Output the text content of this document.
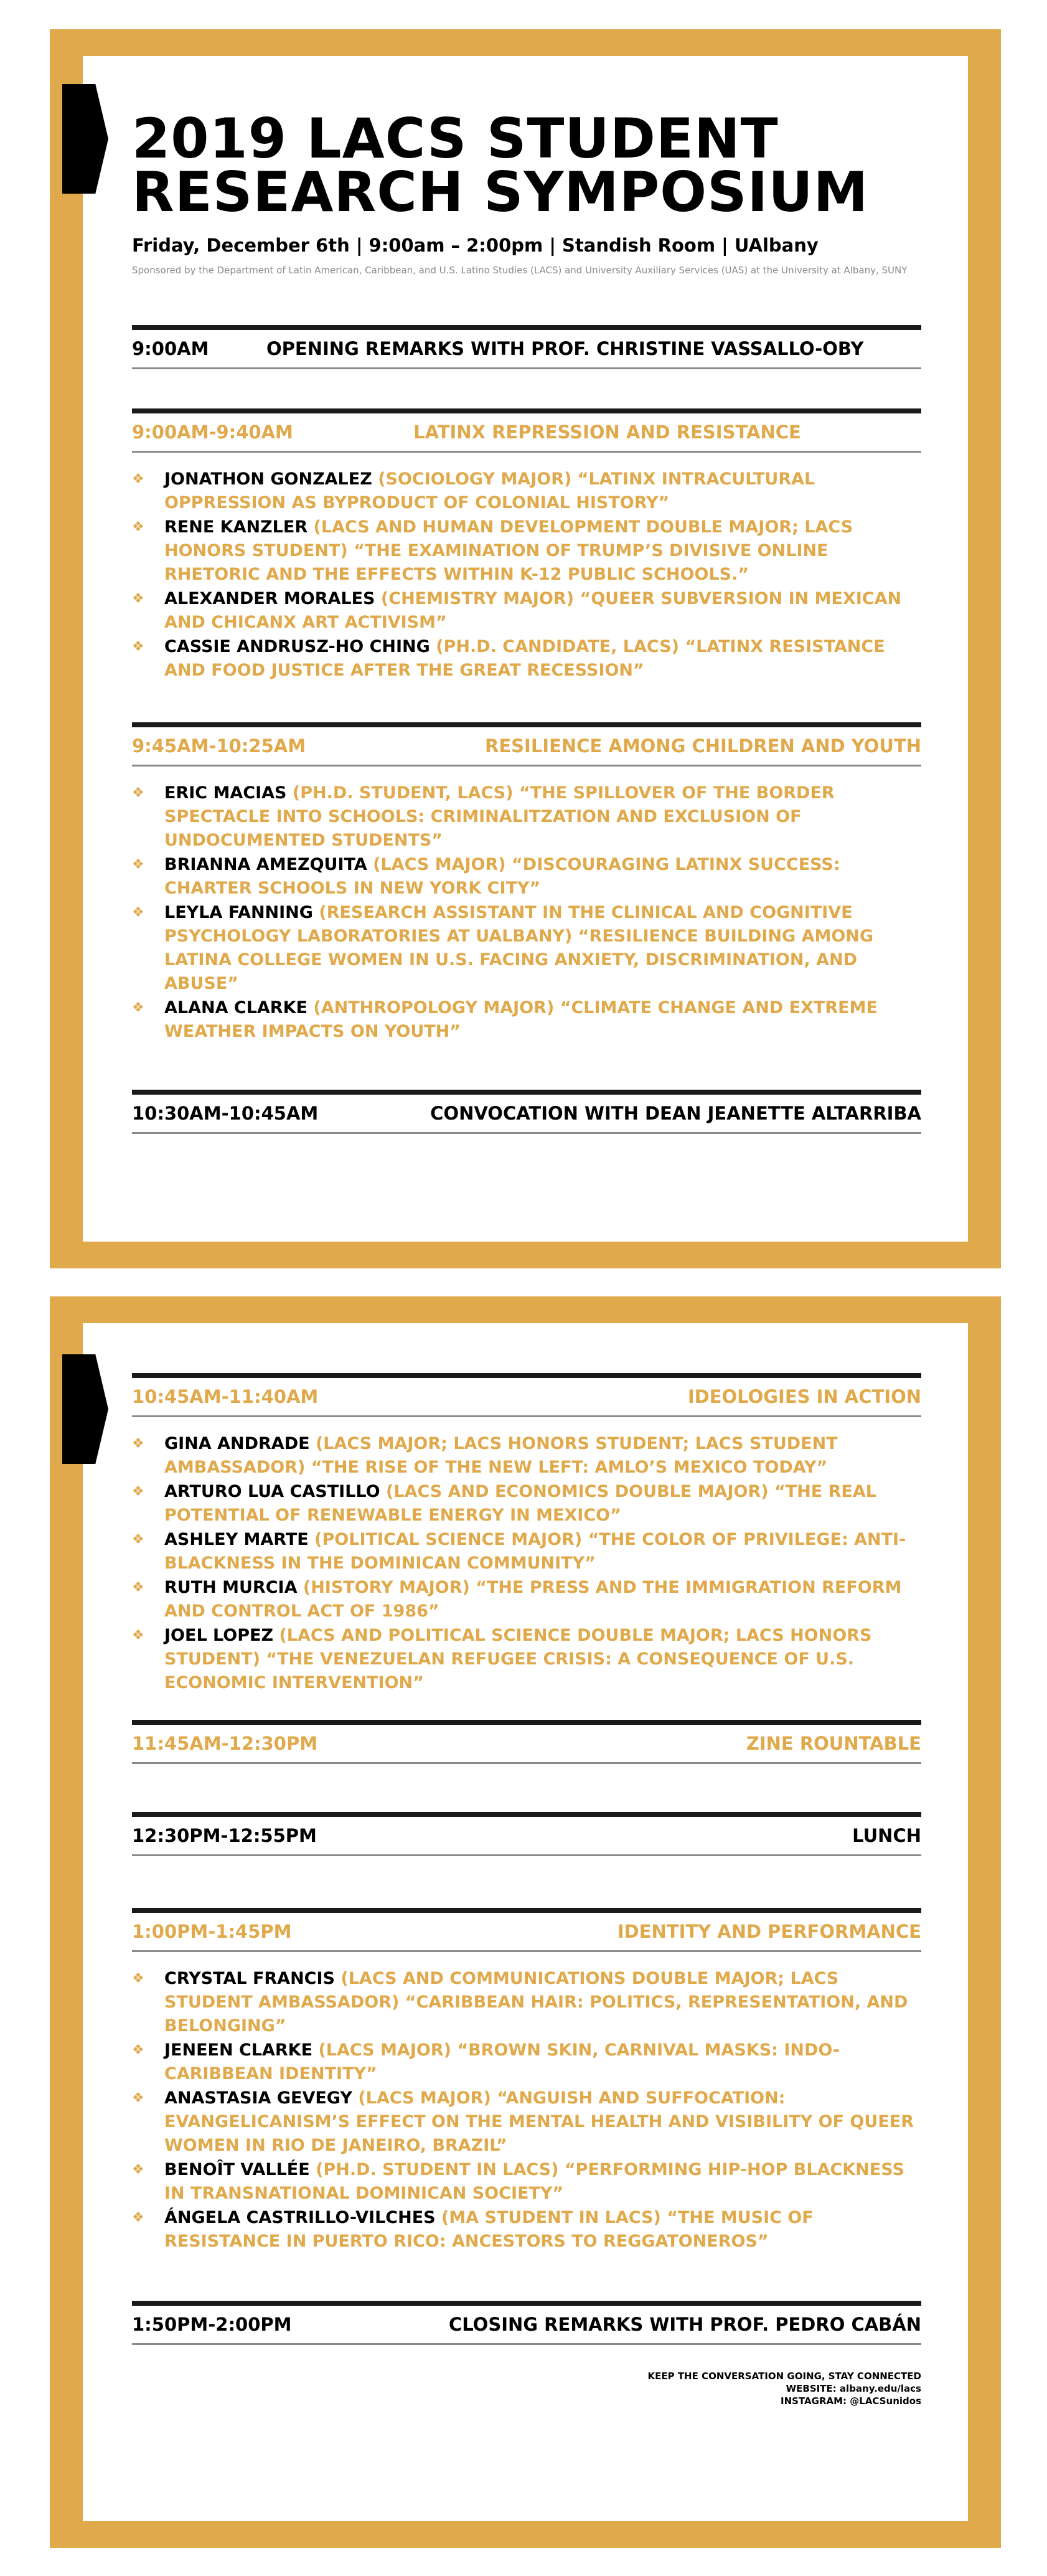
2019 LACS STUDENT
RESEARCH SYMPOSIUM
Friday, December 6th | 9:00am – 2:00pm | Standish Room | UAlbany
Sponsored by the Department of Latin American, Caribbean, and U.S. Latino Studies (LACS) and University Auxiliary Services (UAS) at the University at Albany, SUNY
9:00AM	OPENING REMARKS WITH PROF. CHRISTINE VASSALLO-OBY
9:00AM-9:40AM	LATINX REPRESSION AND RESISTANCE
❖ JONATHON GONZALEZ (SOCIOLOGY MAJOR) “LATINX INTRACULTURAL OPPRESSION AS BYPRODUCT OF COLONIAL HISTORY”
❖ RENE KANZLER (LACS AND HUMAN DEVELOPMENT DOUBLE MAJOR; LACS HONORS STUDENT) “THE EXAMINATION OF TRUMP’S DIVISIVE ONLINE RHETORIC AND THE EFFECTS WITHIN K-12 PUBLIC SCHOOLS.”
❖ ALEXANDER MORALES (CHEMISTRY MAJOR) “QUEER SUBVERSION IN MEXICAN AND CHICANX ART ACTIVISM”
❖ CASSIE ANDRUSZ-HO CHING (PH.D. CANDIDATE, LACS) “LATINX RESISTANCE AND FOOD JUSTICE AFTER THE GREAT RECESSION”
9:45AM-10:25AM	RESILIENCE AMONG CHILDREN AND YOUTH
❖ ERIC MACIAS (PH.D. STUDENT, LACS) “THE SPILLOVER OF THE BORDER SPECTACLE INTO SCHOOLS: CRIMINALITZATION AND EXCLUSION OF UNDOCUMENTED STUDENTS”
❖ BRIANNA AMEZQUITA (LACS MAJOR) “DISCOURAGING LATINX SUCCESS: CHARTER SCHOOLS IN NEW YORK CITY”
❖ LEYLA FANNING (RESEARCH ASSISTANT IN THE CLINICAL AND COGNITIVE PSYCHOLOGY LABORATORIES AT UALBANY) “RESILIENCE BUILDING AMONG LATINA COLLEGE WOMEN IN U.S. FACING ANXIETY, DISCRIMINATION, AND ABUSE”
❖ ALANA CLARKE (ANTHROPOLOGY MAJOR) “CLIMATE CHANGE AND EXTREME WEATHER IMPACTS ON YOUTH”
10:30AM-10:45AM	CONVOCATION WITH DEAN JEANETTE ALTARRIBA
10:45AM-11:40AM	IDEOLOGIES IN ACTION
❖ GINA ANDRADE (LACS MAJOR; LACS HONORS STUDENT; LACS STUDENT AMBASSADOR) “THE RISE OF THE NEW LEFT: AMLO’S MEXICO TODAY”
❖ ARTURO LUA CASTILLO (LACS AND ECONOMICS DOUBLE MAJOR) “THE REAL POTENTIAL OF RENEWABLE ENERGY IN MEXICO”
❖ ASHLEY MARTE (POLITICAL SCIENCE MAJOR) “THE COLOR OF PRIVILEGE: ANTI-BLACKNESS IN THE DOMINICAN COMMUNITY”
❖ RUTH MURCIA (HISTORY MAJOR) “THE PRESS AND THE IMMIGRATION REFORM AND CONTROL ACT OF 1986”
❖ JOEL LOPEZ (LACS AND POLITICAL SCIENCE DOUBLE MAJOR; LACS HONORS STUDENT) “THE VENEZUELAN REFUGEE CRISIS: A CONSEQUENCE OF U.S. ECONOMIC INTERVENTION”
11:45AM-12:30PM	ZINE ROUNTABLE
12:30PM-12:55PM	LUNCH
1:00PM-1:45PM	IDENTITY AND PERFORMANCE
❖ CRYSTAL FRANCIS (LACS AND COMMUNICATIONS DOUBLE MAJOR; LACS STUDENT AMBASSADOR) “CARIBBEAN HAIR: POLITICS, REPRESENTATION, AND BELONGING”
❖ JENEEN CLARKE (LACS MAJOR) “BROWN SKIN, CARNIVAL MASKS: INDO-CARIBBEAN IDENTITY”
❖ ANASTASIA GEVEGY (LACS MAJOR) “ANGUISH AND SUFFOCATION: EVANGELICANISM’S EFFECT ON THE MENTAL HEALTH AND VISIBILITY OF QUEER WOMEN IN RIO DE JANEIRO, BRAZIL”
❖ BENOÎT VALLÉE (PH.D. STUDENT IN LACS) “PERFORMING HIP-HOP BLACKNESS IN TRANSNATIONAL DOMINICAN SOCIETY”
❖ ÁNGELA CASTRILLO-VILCHES (MA STUDENT IN LACS) “THE MUSIC OF RESISTANCE IN PUERTO RICO: ANCESTORS TO REGGATONEROS”
1:50PM-2:00PM	CLOSING REMARKS WITH PROF. PEDRO CABÁN
KEEP THE CONVERSATION GOING, STAY CONNECTED
WEBSITE: albany.edu/lacs
INSTAGRAM: @LACSunidos
